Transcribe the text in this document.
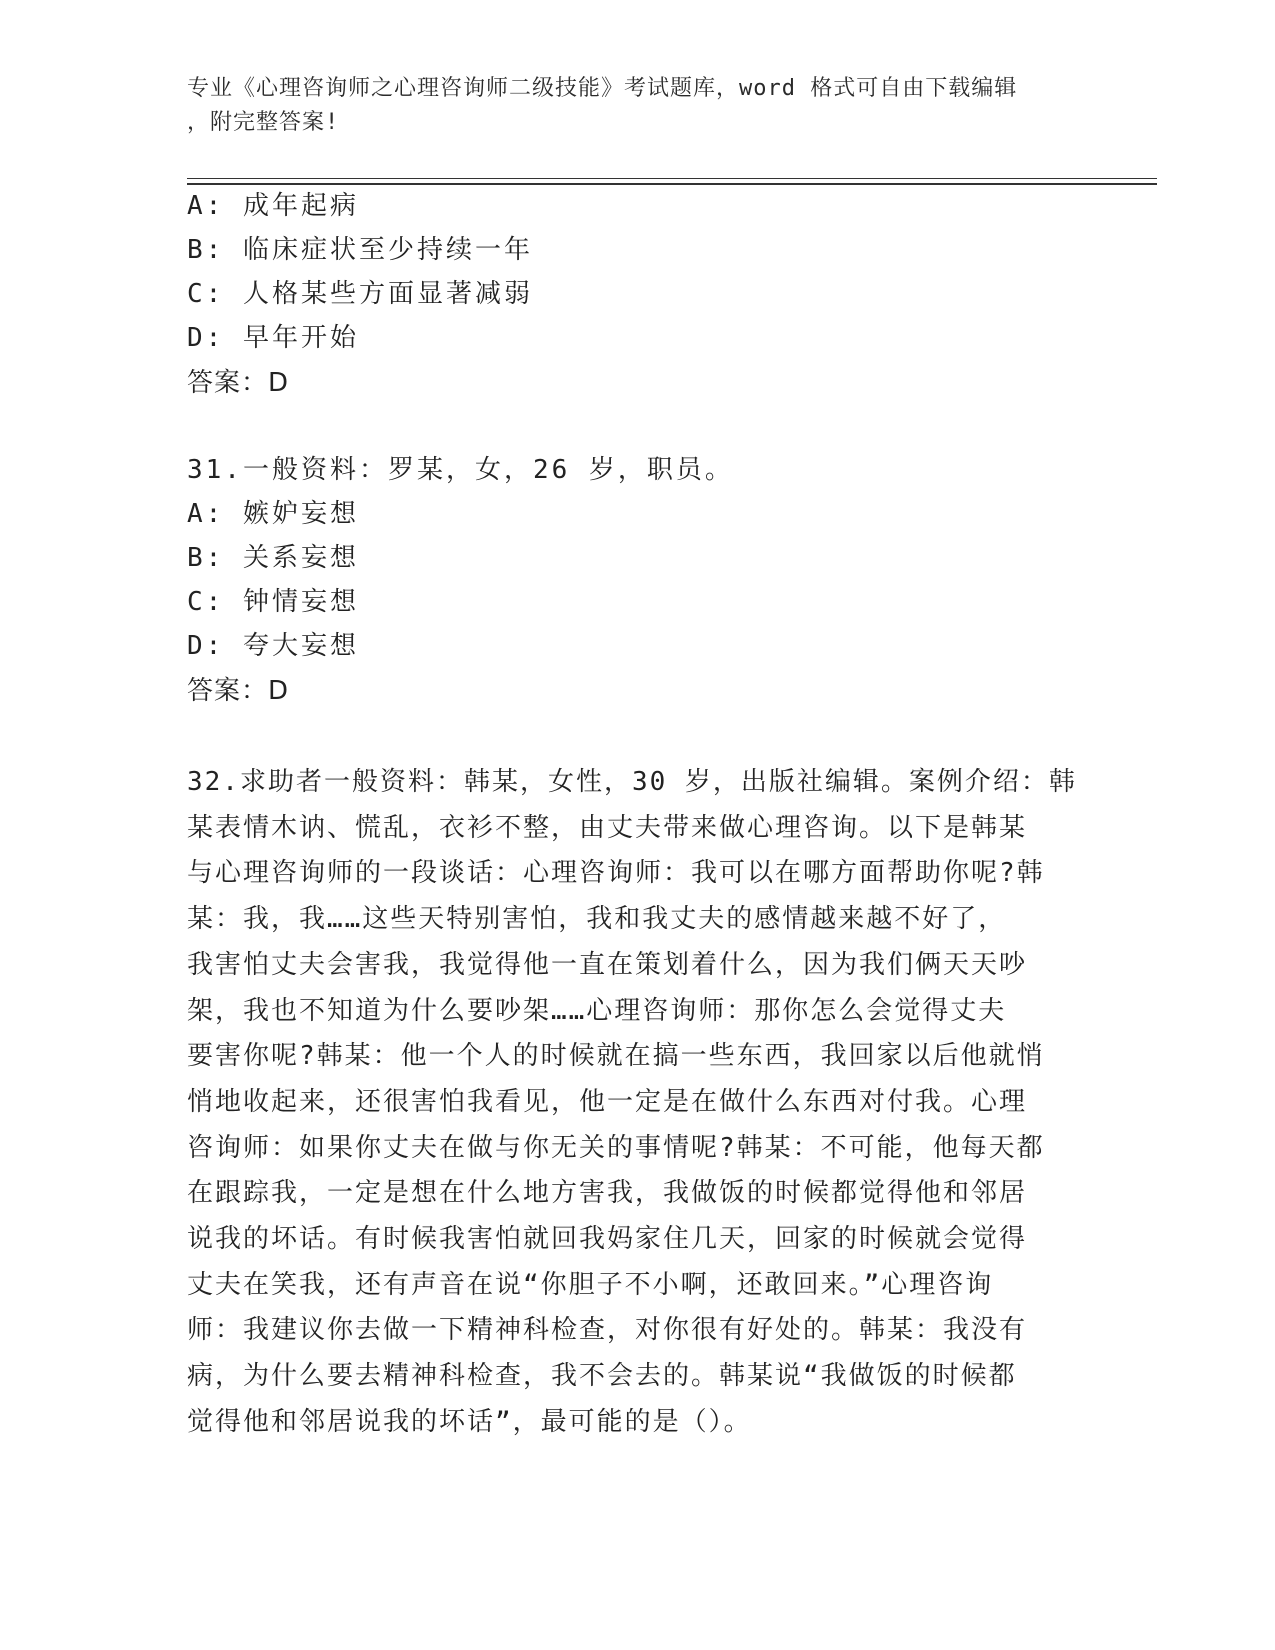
专业《心理咨询师之心理咨询师二级技能》考试题库，word 格式可自由下载编辑
，附完整答案!
A: 成年起病
B: 临床症状至少持续一年
C: 人格某些方面显著减弱
D: 早年开始
答案：D
31.一般资料：罗某，女，26 岁，职员。
A: 嫉妒妄想
B: 关系妄想
C: 钟情妄想
D: 夸大妄想
答案：D
32.求助者一般资料：韩某，女性，30 岁，出版社编辑。案例介绍：韩
某表情木讷、慌乱，衣衫不整，由丈夫带来做心理咨询。以下是韩某
与心理咨询师的一段谈话：心理咨询师：我可以在哪方面帮助你呢?韩
某：我，我……这些天特别害怕，我和我丈夫的感情越来越不好了，
我害怕丈夫会害我，我觉得他一直在策划着什么，因为我们俩天天吵
架，我也不知道为什么要吵架……心理咨询师：那你怎么会觉得丈夫
要害你呢?韩某：他一个人的时候就在搞一些东西，我回家以后他就悄
悄地收起来，还很害怕我看见，他一定是在做什么东西对付我。心理
咨询师：如果你丈夫在做与你无关的事情呢?韩某：不可能，他每天都
在跟踪我，一定是想在什么地方害我，我做饭的时候都觉得他和邻居
说我的坏话。有时候我害怕就回我妈家住几天，回家的时候就会觉得
丈夫在笑我，还有声音在说“你胆子不小啊，还敢回来。”心理咨询
师：我建议你去做一下精神科检查，对你很有好处的。韩某：我没有
病，为什么要去精神科检查，我不会去的。韩某说“我做饭的时候都
觉得他和邻居说我的坏话”，最可能的是（）。
